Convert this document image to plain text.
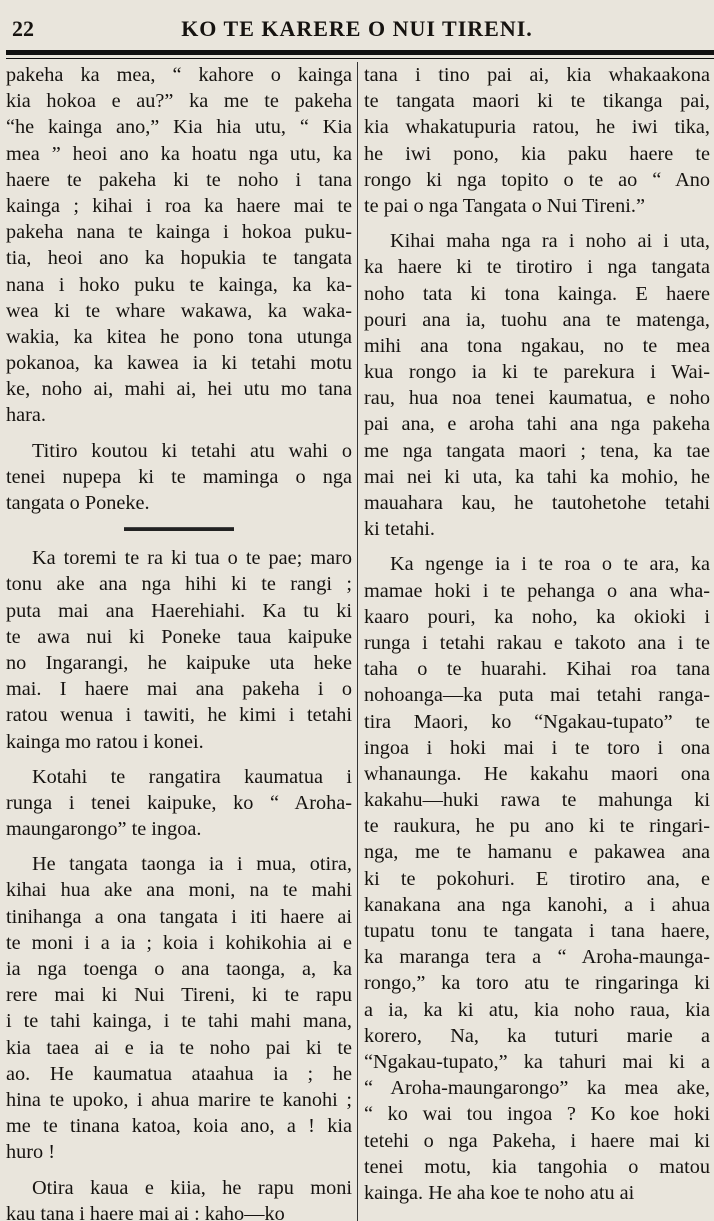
22	KO TE KARERE O NUI TIRENI.
pakeha ka mea, “ kahore o kainga
kia hokoa e au?” ka me te pakeha
“he kainga ano,” Kia hia utu, “ Kia
mea ” heoi ano ka hoatu nga utu, ka
haere te pakeha ki te noho i tana
kainga ; kihai i roa ka haere mai te
pakeha nana te kainga i hokoa puku-
tia, heoi ano ka hopukia te tangata
nana i hoko puku te kainga, ka ka-
wea ki te whare wakawa, ka waka-
wakia, ka kitea he pono tona utunga
pokanoa, ka kawea ia ki tetahi motu
ke, noho ai, mahi ai, hei utu mo tana
hara.
Titiro koutou ki tetahi atu wahi o
tenei nupepa ki te maminga o nga
tangata o Poneke.
Ka toremi te ra ki tua o te pae; maro
tonu ake ana nga hihi ki te rangi ;
puta mai ana Haerehiahi. Ka tu ki
te awa nui ki Poneke taua kaipuke
no Ingarangi, he kaipuke uta heke
mai. I haere mai ana pakeha i o
ratou wenua i tawiti, he kimi i tetahi
kainga mo ratou i konei.
Kotahi te rangatira kaumatua i
runga i tenei kaipuke, ko “ Aroha-
maungarongo” te ingoa.
He tangata taonga ia i mua, otira,
kihai hua ake ana moni, na te mahi
tinihanga a ona tangata i iti haere ai
te moni i a ia ; koia i kohikohia ai e
ia nga toenga o ana taonga, a, ka
rere mai ki Nui Tireni, ki te rapu
i te tahi kainga, i te tahi mahi mana,
kia taea ai e ia te noho pai ki te
ao. He kaumatua ataahua ia ; he
hina te upoko, i ahua marire te kanohi ;
me te tinana katoa, koia ano, a ! kia
huro !
Otira kaua e kiia, he rapu moni
kau tana i haere mai ai : kaho—ko
tana i tino pai ai, kia whakaakona
te tangata maori ki te tikanga pai,
kia whakatupuria ratou, he iwi tika,
he iwi pono, kia paku haere te
rongo ki nga topito o te ao “ Ano
te pai o nga Tangata o Nui Tireni.”
Kihai maha nga ra i noho ai i uta,
ka haere ki te tirotiro i nga tangata
noho tata ki tona kainga. E haere
pouri ana ia, tuohu ana te matenga,
mihi ana tona ngakau, no te mea
kua rongo ia ki te parekura i Wai-
rau, hua noa tenei kaumatua, e noho
pai ana, e aroha tahi ana nga pakeha
me nga tangata maori ; tena, ka tae
mai nei ki uta, ka tahi ka mohio, he
mauahara kau, he tautohetohe tetahi
ki tetahi.
Ka ngenge ia i te roa o te ara, ka
mamae hoki i te pehanga o ana wha-
kaaro pouri, ka noho, ka okioki i
runga i tetahi rakau e takoto ana i te
taha o te huarahi. Kihai roa tana
nohoanga—ka puta mai tetahi ranga-
tira Maori, ko “Ngakau-tupato” te
ingoa i hoki mai i te toro i ona
whanaunga. He kakahu maori ona
kakahu—huki rawa te mahunga ki
te raukura, he pu ano ki te ringari-
nga, me te hamanu e pakawea ana
ki te pokohuri. E tirotiro ana, e
kanakana ana nga kanohi, a i ahua
tupatu tonu te tangata i tana haere,
ka maranga tera a “ Aroha-maunga-
rongo,” ka toro atu te ringaringa ki
a ia, ka ki atu, kia noho raua, kia
korero, Na, ka tuturi marie a
“Ngakau-tupato,” ka tahuri mai ki a
“ Aroha-maungarongo” ka mea ake,
“ ko wai tou ingoa ? Ko koe hoki
tetehi o nga Pakeha, i haere mai ki
tenei motu, kia tangohia o matou
kainga. He aha koe te noho atu ai
